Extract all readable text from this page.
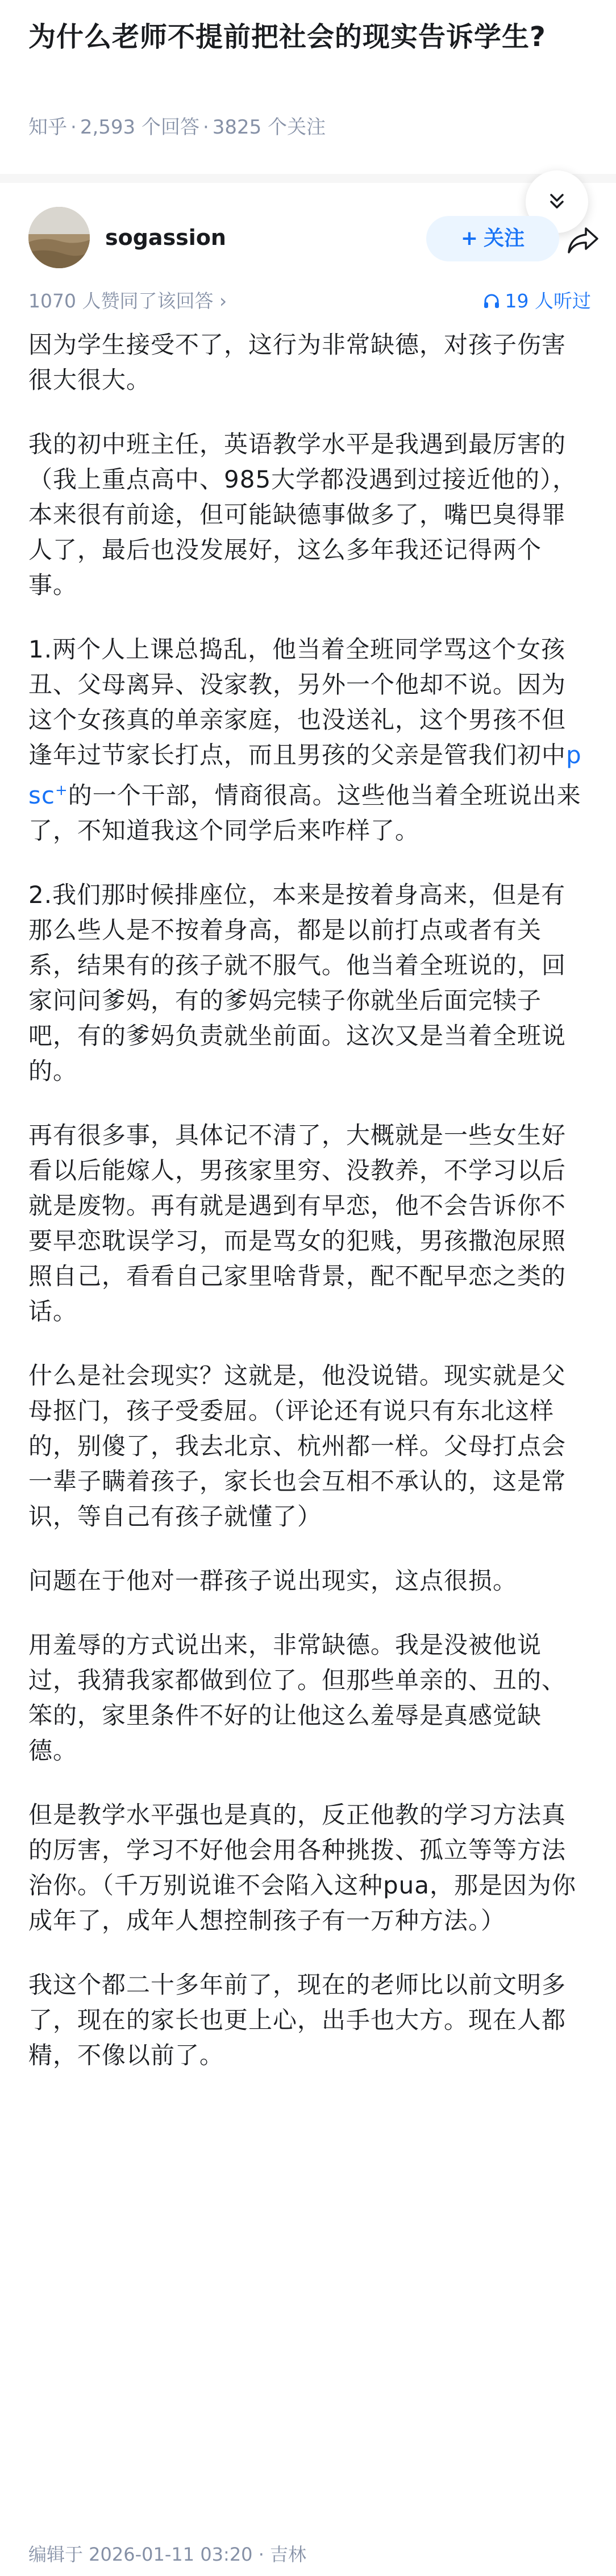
为什么老师不提前把社会的现实告诉学生?
知乎 · 2,593 个回答 · 3825 个关注
sogassion	+ 关注
1070 人赞同了该回答 ›	19 人听过

因为学生接受不了，这行为非常缺德，对孩子伤害很大很大。

我的初中班主任，英语教学水平是我遇到最厉害的（我上重点高中、985大学都没遇到过接近他的），本来很有前途，但可能缺德事做多了，嘴巴臭得罪人了，最后也没发展好，这么多年我还记得两个事。

1.两个人上课总捣乱，他当着全班同学骂这个女孩丑、父母离异、没家教，另外一个他却不说。因为这个女孩真的单亲家庭，也没送礼，这个男孩不但逢年过节家长打点，而且男孩的父亲是管我们初中psc+的一个干部，情商很高。这些他当着全班说出来了，不知道我这个同学后来咋样了。

2.我们那时候排座位，本来是按着身高来，但是有那么些人是不按着身高，都是以前打点或者有关系，结果有的孩子就不服气。他当着全班说的，回家问问爹妈，有的爹妈完犊子你就坐后面完犊子吧，有的爹妈负责就坐前面。这次又是当着全班说的。

再有很多事，具体记不清了，大概就是一些女生好看以后能嫁人，男孩家里穷、没教养，不学习以后就是废物。再有就是遇到有早恋，他不会告诉你不要早恋耽误学习，而是骂女的犯贱，男孩撒泡尿照照自己，看看自己家里啥背景，配不配早恋之类的话。

什么是社会现实？这就是，他没说错。现实就是父母抠门，孩子受委屈。（评论还有说只有东北这样的，别傻了，我去北京、杭州都一样。父母打点会一辈子瞒着孩子，家长也会互相不承认的，这是常识，等自己有孩子就懂了）

问题在于他对一群孩子说出现实，这点很损。

用羞辱的方式说出来，非常缺德。我是没被他说过，我猜我家都做到位了。但那些单亲的、丑的、笨的，家里条件不好的让他这么羞辱是真感觉缺德。

但是教学水平强也是真的，反正他教的学习方法真的厉害，学习不好他会用各种挑拨、孤立等等方法治你。（千万别说谁不会陷入这种pua，那是因为你成年了，成年人想控制孩子有一万种方法。）

我这个都二十多年前了，现在的老师比以前文明多了，现在的家长也更上心，出手也大方。现在人都精，不像以前了。

编辑于 2026-01-11 03:20 · 吉林
